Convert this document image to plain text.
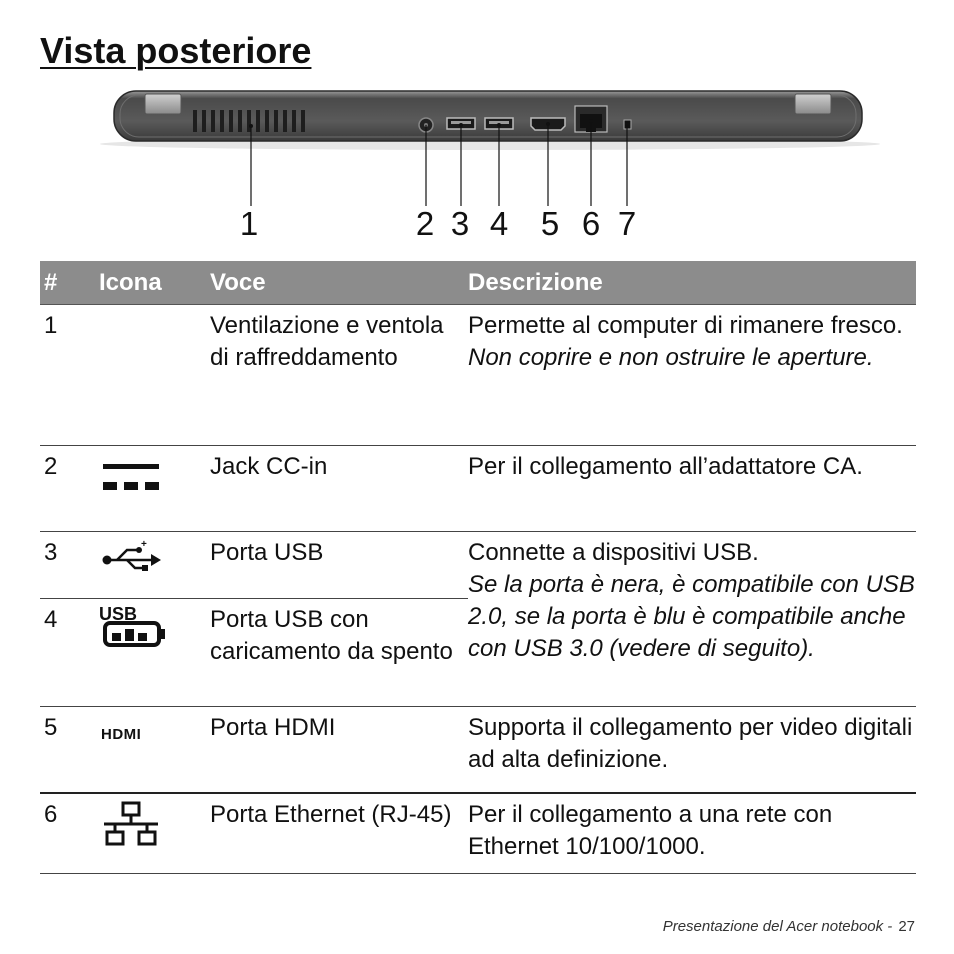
Vista posteriore
1	2 3 4 5 6 7
#	Icona	Voce	Descrizione
1		Ventilazione e ventola di raffreddamento	Permette al computer di rimanere fresco.
Non coprire e non ostruire le aperture.

2		Jack CC-in	Per il collegamento all’adattatore CA.

3	+	Porta USB	Connette a dispositivi USB.
Se la porta è nera, è compatibile con USB 2.0, se la porta è blu è compatibile anche con USB 3.0 (vedere di seguito).

4	USB	Porta USB con caricamento da spento	
5	HDMI	Porta HDMI	Supporta il collegamento per video digitali ad alta definizione.

6		Porta Ethernet (RJ-45)	Per il collegamento a una rete con Ethernet 10/100/1000.
Presentazione del Acer notebook - 27
